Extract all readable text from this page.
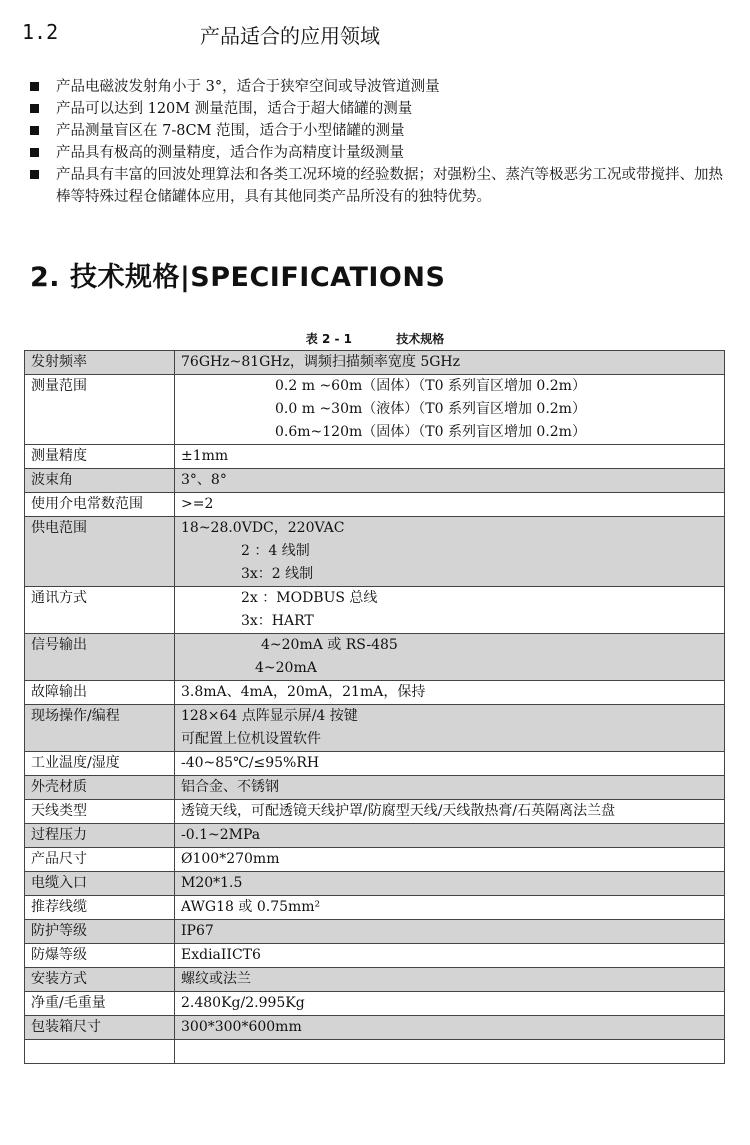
1.2	产品适合的应用领域
产品电磁波发射角小于 3°，适合于狭窄空间或导波管道测量
产品可以达到 120M 测量范围，适合于超大储罐的测量
产品测量盲区在 7-8CM 范围，适合于小型储罐的测量
产品具有极高的测量精度，适合作为高精度计量级测量
产品具有丰富的回波处理算法和各类工况环境的经验数据；对强粉尘、蒸汽等极恶劣工况或带搅拌、加热棒等特殊过程仓储罐体应用，具有其他同类产品所没有的独特优势。
2. 技术规格|SPECIFICATIONS
表 2 - 1	技术规格
发射频率	76GHz~81GHz，调频扫描频率宽度 5GHz

测量范围	0.2 m ~60m（固体）（T0 系列盲区增加 0.2m）
0.0 m ~30m（液体）（T0 系列盲区增加 0.2m）
0.6m~120m（固体）（T0 系列盲区增加 0.2m）

测量精度	±1mm

波束角	3°、8°

使用介电常数范围	>=2

供电范围	18~28.0VDC，220VAC
2 ：4 线制
3x：2 线制

通讯方式	2x ：MODBUS 总线
3x：HART

信号输出	4~20mA 或 RS-485
4~20mA

故障输出	3.8mA、4mA，20mA，21mA，保持

现场操作/编程	128×64 点阵显示屏/4 按键
可配置上位机设置软件

工业温度/湿度	-40~85℃/≤95%RH

外壳材质	铝合金、不锈钢

天线类型	透镜天线，可配透镜天线护罩/防腐型天线/天线散热膏/石英隔离法兰盘

过程压力	-0.1~2MPa

产品尺寸	Ø100*270mm

电缆入口	M20*1.5

推荐线缆	AWG18 或 0.75mm²

防护等级	IP67

防爆等级	ExdiaIICT6

安装方式	螺纹或法兰

净重/毛重量	2.480Kg/2.995Kg

包装箱尺寸	300*300*600mm
